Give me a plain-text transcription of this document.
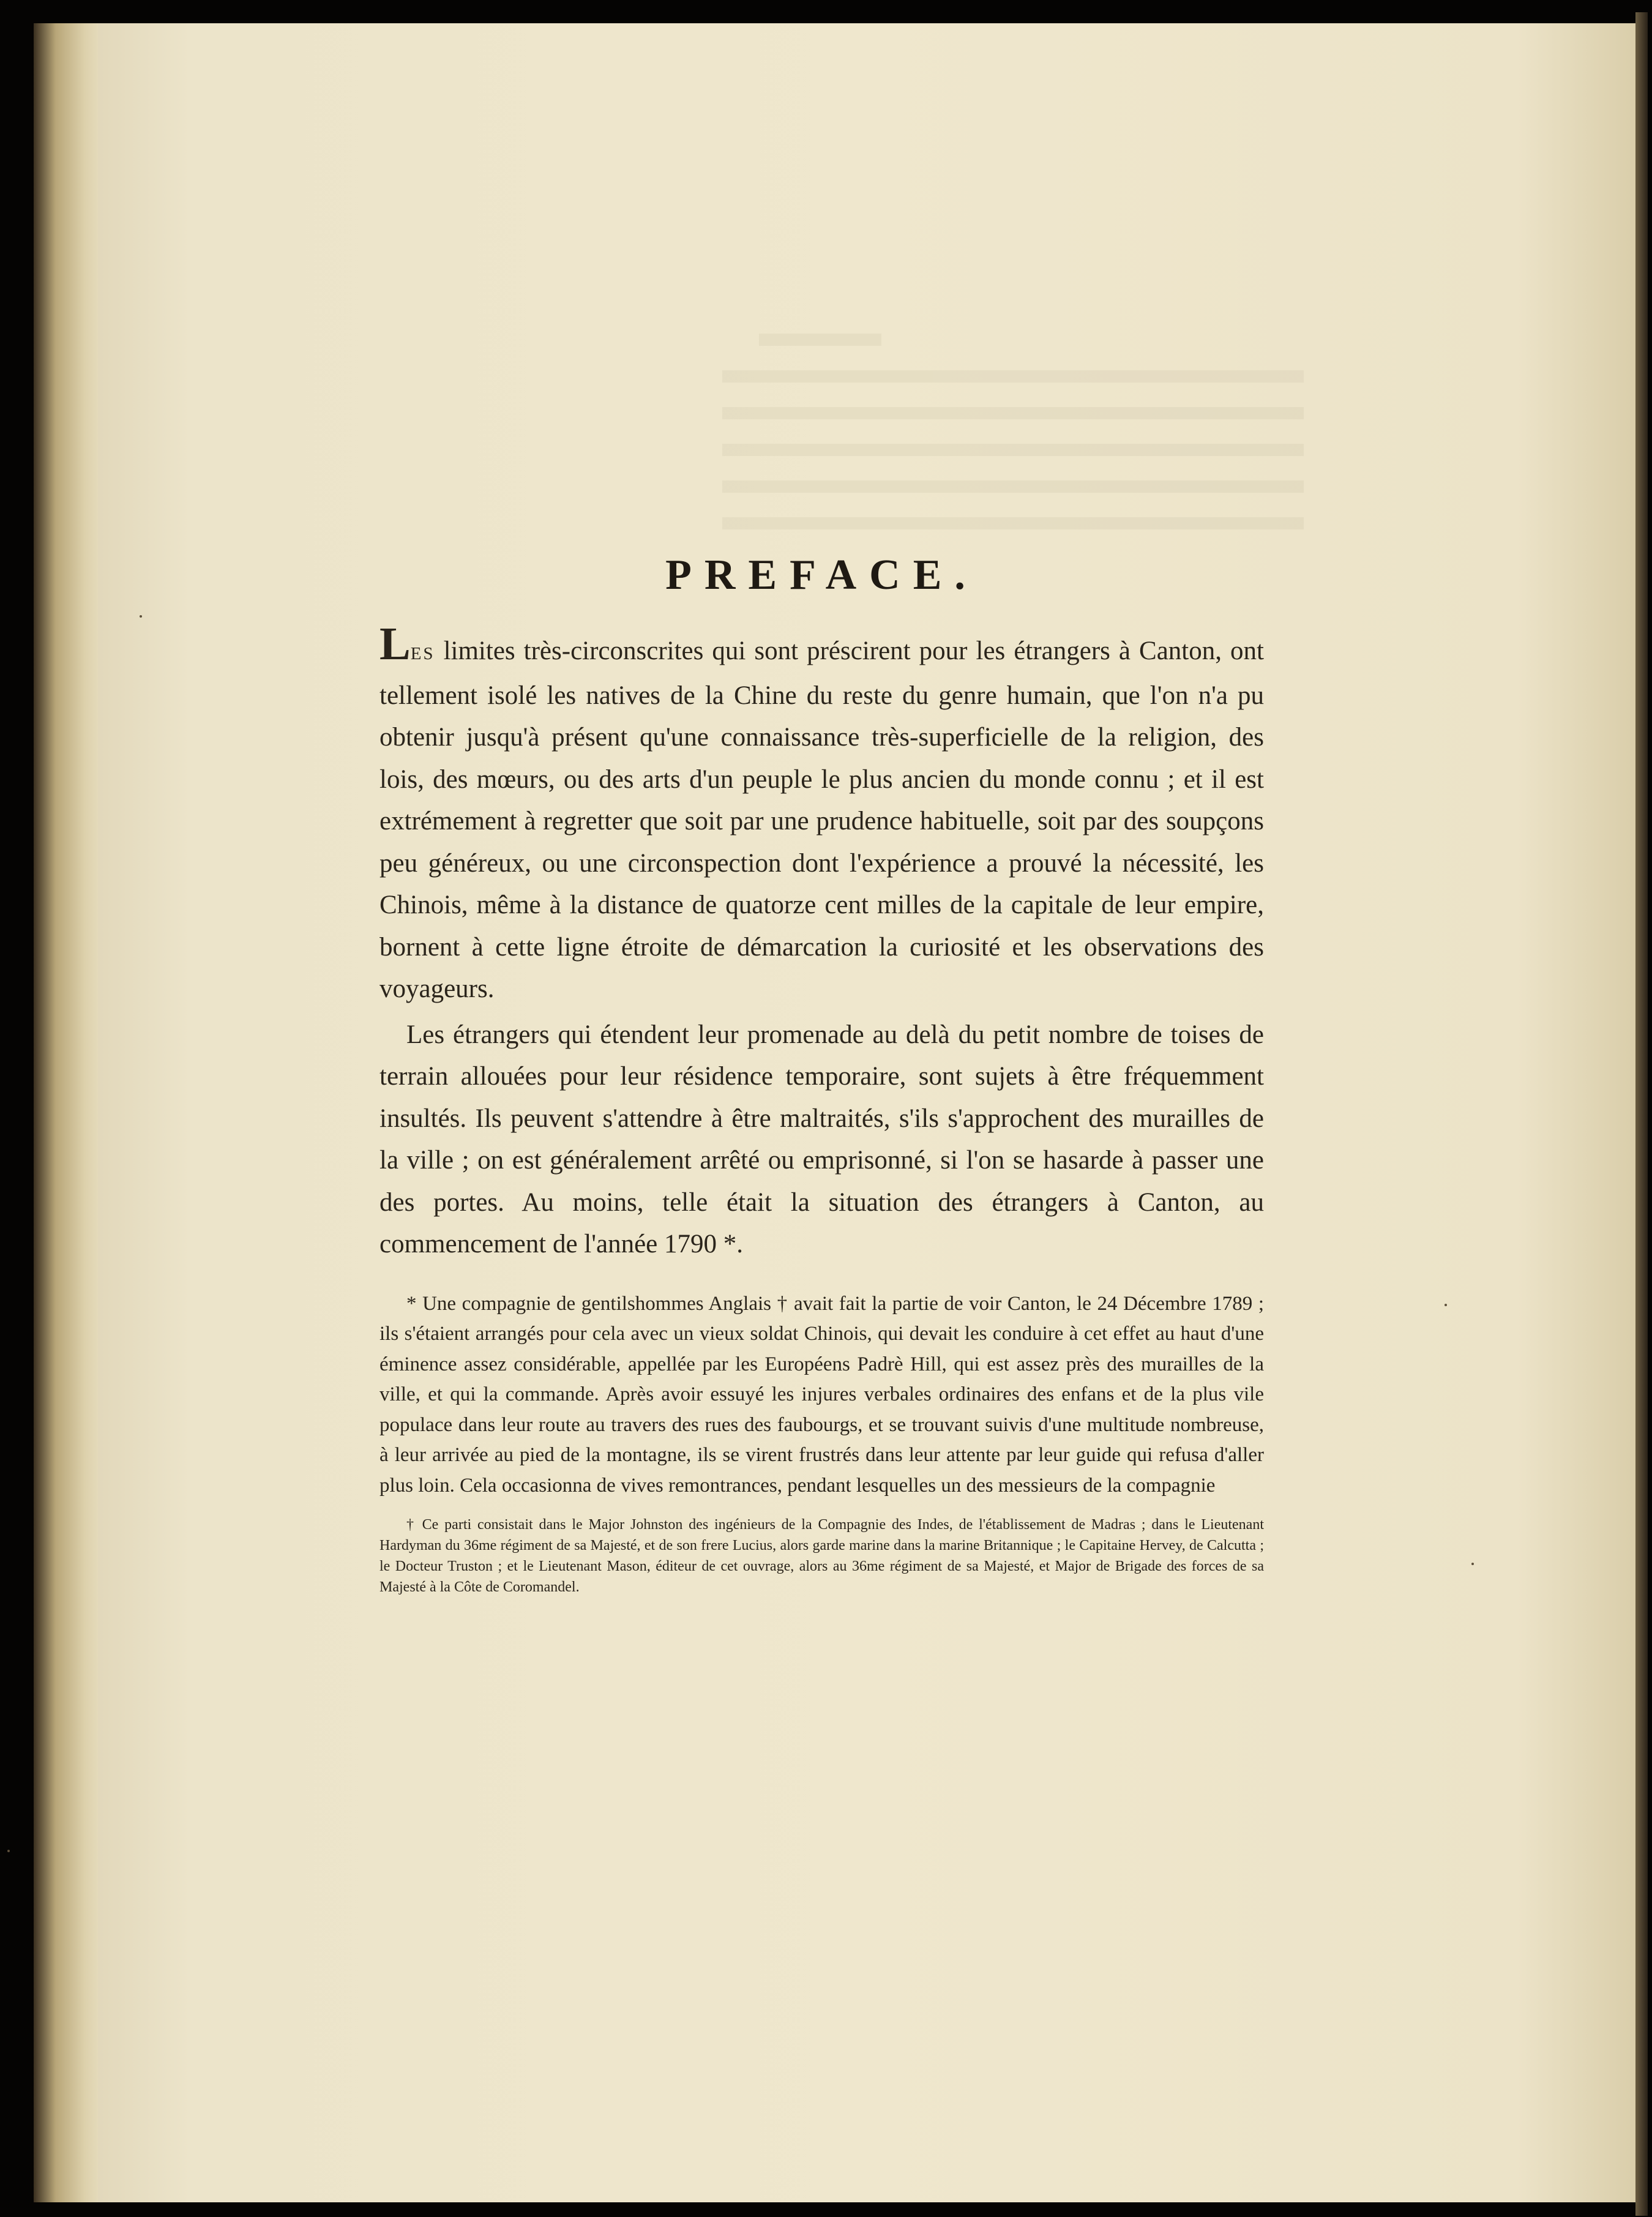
PREFACE.

LES limites très-circonscrites qui sont préscirent pour les étrangers à Canton, ont tellement isolé les natives de la Chine du reste du genre humain, que l'on n'a pu obtenir jusqu'à présent qu'une connaissance très-superficielle de la religion, des lois, des mœurs, ou des arts d'un peuple le plus ancien du monde connu ; et il est extrémement à regretter que soit par une prudence habituelle, soit par des soupçons peu généreux, ou une circonspection dont l'expérience a prouvé la nécessité, les Chinois, même à la distance de quatorze cent milles de la capitale de leur empire, bornent à cette ligne étroite de démarcation la curiosité et les observations des voyageurs.

Les étrangers qui étendent leur promenade au delà du petit nombre de toises de terrain allouées pour leur résidence temporaire, sont sujets à être fréquemment insultés. Ils peuvent s'attendre à être maltraités, s'ils s'approchent des murailles de la ville ; on est généralement arrêté ou emprisonné, si l'on se hasarde à passer une des portes. Au moins, telle était la situation des étrangers à Canton, au commencement de l'année 1790 *.

* Une compagnie de gentilshommes Anglais † avait fait la partie de voir Canton, le 24 Décembre 1789 ; ils s'étaient arrangés pour cela avec un vieux soldat Chinois, qui devait les conduire à cet effet au haut d'une éminence assez considérable, appellée par les Européens Padrè Hill, qui est assez près des murailles de la ville, et qui la commande. Après avoir essuyé les injures verbales ordinaires des enfans et de la plus vile populace dans leur route au travers des rues des faubourgs, et se trouvant suivis d'une multitude nombreuse, à leur arrivée au pied de la montagne, ils se virent frustrés dans leur attente par leur guide qui refusa d'aller plus loin. Cela occasionna de vives remontrances, pendant lesquelles un des messieurs de la compagnie

† Ce parti consistait dans le Major Johnston des ingénieurs de la Compagnie des Indes, de l'établissement de Madras ; dans le Lieutenant Hardyman du 36me régiment de sa Majesté, et de son frere Lucius, alors garde marine dans la marine Britannique ; le Capitaine Hervey, de Calcutta ; le Docteur Truston ; et le Lieutenant Mason, éditeur de cet ouvrage, alors au 36me régiment de sa Majesté, et Major de Brigade des forces de sa Majesté à la Côte de Coromandel.
